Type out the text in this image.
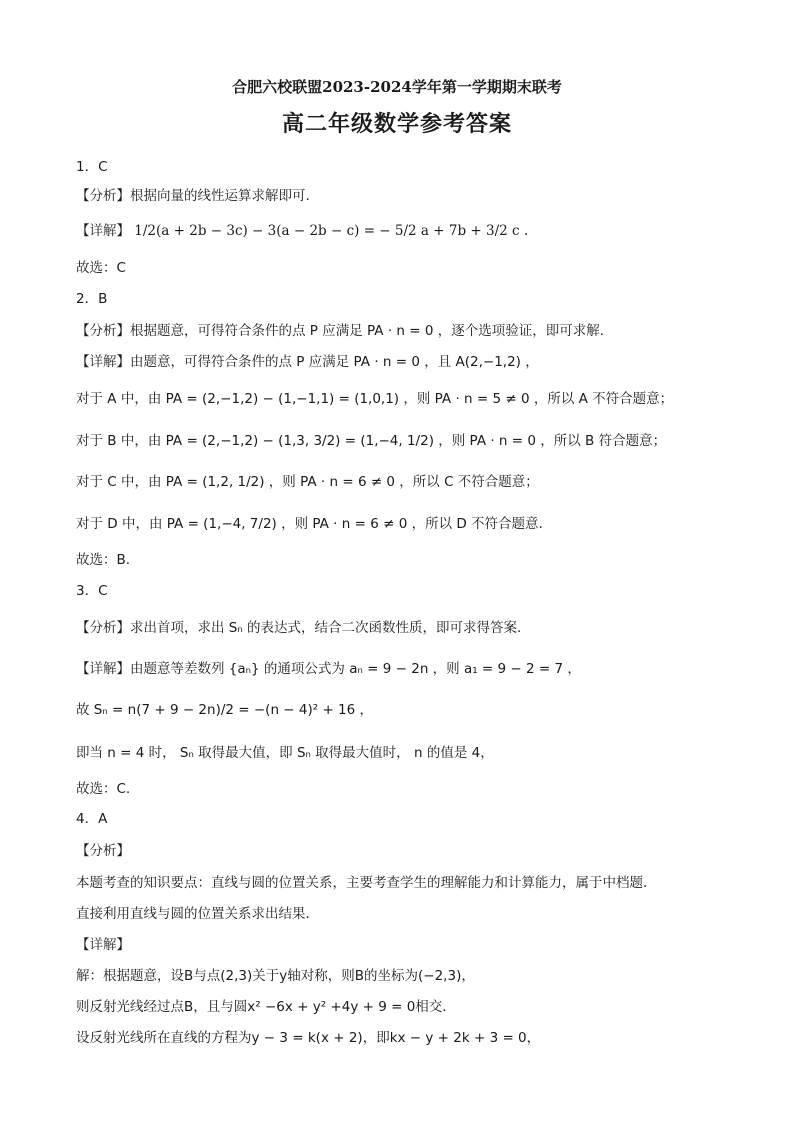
合肥六校联盟2023-2024学年第一学期期末联考
高二年级数学参考答案
1．C
【分析】根据向量的线性运算求解即可.
【详解】 1/2(a + 2b − 3c) − 3(a − 2b − c) = − 5/2 a + 7b + 3/2 c .
故选：C
2．B
【分析】根据题意，可得符合条件的点 P 应满足 PA · n = 0 ，逐个选项验证，即可求解．
【详解】由题意，可得符合条件的点 P 应满足 PA · n = 0 ，且 A(2,−1,2) ，
对于 A 中，由 PA = (2,−1,2) − (1,−1,1) = (1,0,1) ，则 PA · n = 5 ≠ 0 ，所以 A 不符合题意；
对于 B 中，由 PA = (2,−1,2) − (1,3, 3/2) = (1,−4, 1/2) ，则 PA · n = 0 ，所以 B 符合题意；
对于 C 中，由 PA = (1,2, 1/2) ，则 PA · n = 6 ≠ 0 ，所以 C 不符合题意；
对于 D 中，由 PA = (1,−4, 7/2) ，则 PA · n = 6 ≠ 0 ，所以 D 不符合题意.
故选：B.
3．C
【分析】求出首项，求出 Sₙ 的表达式，结合二次函数性质，即可求得答案.
【详解】由题意等差数列 {aₙ} 的通项公式为 aₙ = 9 − 2n ，则 a₁ = 9 − 2 = 7 ，
故 Sₙ = n(7 + 9 − 2n)/2 = −(n − 4)² + 16 ，
即当 n = 4 时， Sₙ 取得最大值，即 Sₙ 取得最大值时， n 的值是 4，
故选：C.
4．A
【分析】
本题考查的知识要点：直线与圆的位置关系，主要考查学生的理解能力和计算能力，属于中档题．
直接利用直线与圆的位置关系求出结果．
【详解】
解：根据题意，设B与点(2,3)关于y轴对称，则B的坐标为(−2,3)，
则反射光线经过点B，且与圆x² −6x + y² +4y + 9 = 0相交．
设反射光线所在直线的方程为y − 3 = k(x + 2)，即kx − y + 2k + 3 = 0，
